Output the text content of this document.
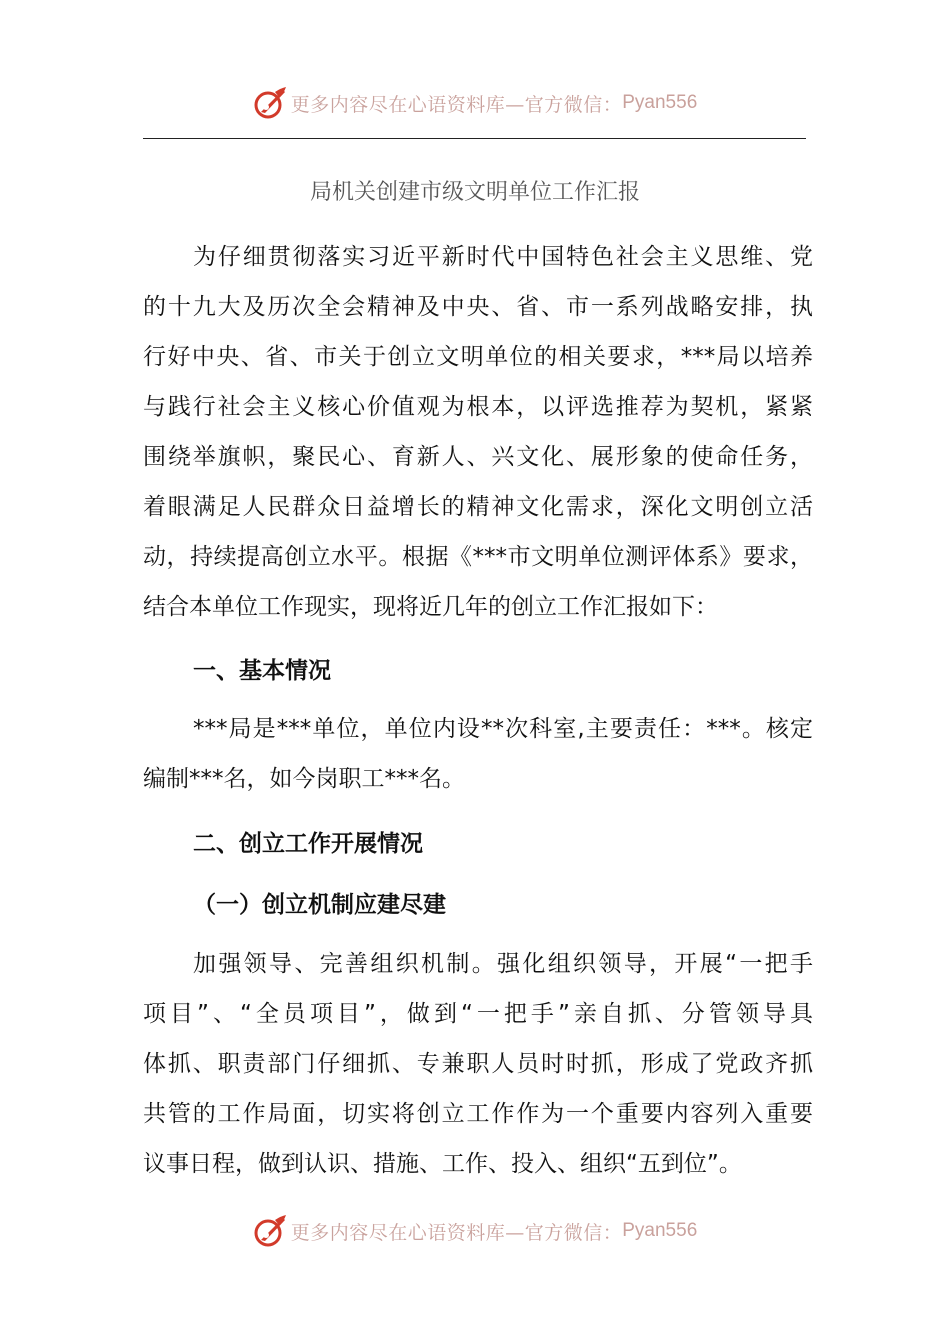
更多内容尽在心语资料库—官方微信： Pyan556
局机关创建市级文明单位工作汇报
为仔细贯彻落实习近平新时代中国特色社会主义思维、党
的十九大及历次全会精神及中央、省、市一系列战略安排，执
行好中央、省、市关于创立文明单位的相关要求，***局以培养
与践行社会主义核心价值观为根本，以评选推荐为契机，紧紧
围绕举旗帜，聚民心、育新人、兴文化、展形象的使命任务，
着眼满足人民群众日益增长的精神文化需求，深化文明创立活
动，持续提高创立水平。根据《***市文明单位测评体系》要求，
结合本单位工作现实，现将近几年的创立工作汇报如下：
一、基本情况
***局是***单位，单位内设**次科室,主要责任：***。核定
编制***名，如今岗职工***名。
二、创立工作开展情况
（一）创立机制应建尽建
加强领导、完善组织机制。强化组织领导，开展“一把手
项目”、“全员项目”，做到“一把手”亲自抓、分管领导具
体抓、职责部门仔细抓、专兼职人员时时抓，形成了党政齐抓
共管的工作局面，切实将创立工作作为一个重要内容列入重要
议事日程，做到认识、措施、工作、投入、组织“五到位”。
更多内容尽在心语资料库—官方微信： Pyan556
